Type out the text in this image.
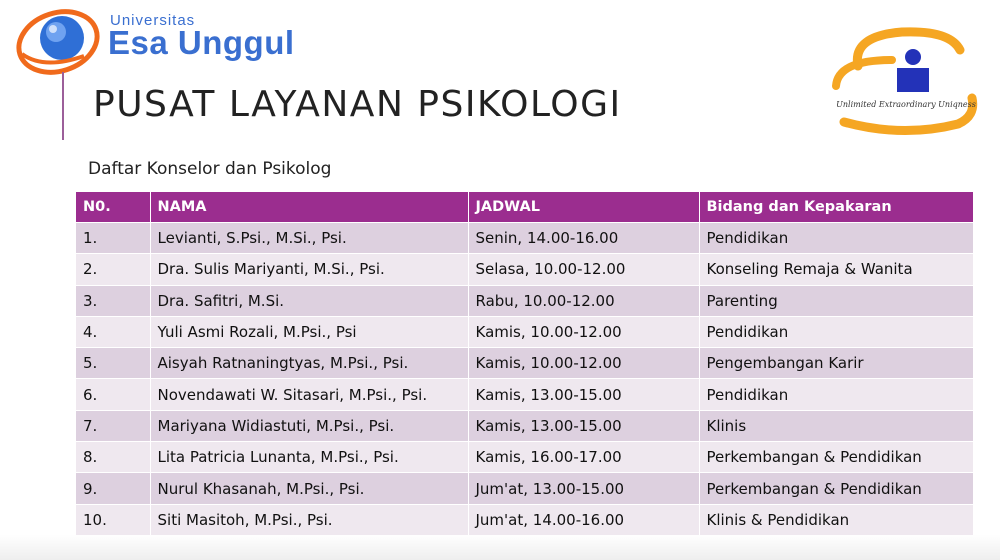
Universitas
Esa Unggul
Unlimited Extraordinary Uniqness
PUSAT LAYANAN PSIKOLOGI
Daftar Konselor dan Psikolog
N0.	NAMA	JADWAL	Bidang dan Kepakaran
1.	Levianti, S.Psi., M.Si., Psi.	Senin, 14.00-16.00	Pendidikan
2.	Dra. Sulis Mariyanti, M.Si., Psi.	Selasa, 10.00-12.00	Konseling Remaja & Wanita
3.	Dra. Safitri, M.Si.	Rabu, 10.00-12.00	Parenting
4.	Yuli Asmi Rozali, M.Psi., Psi	Kamis, 10.00-12.00	Pendidikan
5.	Aisyah Ratnaningtyas, M.Psi., Psi.	Kamis, 10.00-12.00	Pengembangan Karir
6.	Novendawati W. Sitasari, M.Psi., Psi.	Kamis, 13.00-15.00	Pendidikan
7.	Mariyana Widiastuti, M.Psi., Psi.	Kamis, 13.00-15.00	Klinis
8.	Lita Patricia Lunanta, M.Psi., Psi.	Kamis, 16.00-17.00	Perkembangan & Pendidikan
9.	Nurul Khasanah, M.Psi., Psi.	Jum'at, 13.00-15.00	Perkembangan & Pendidikan
10.	Siti Masitoh, M.Psi., Psi.	Jum'at, 14.00-16.00	Klinis & Pendidikan
